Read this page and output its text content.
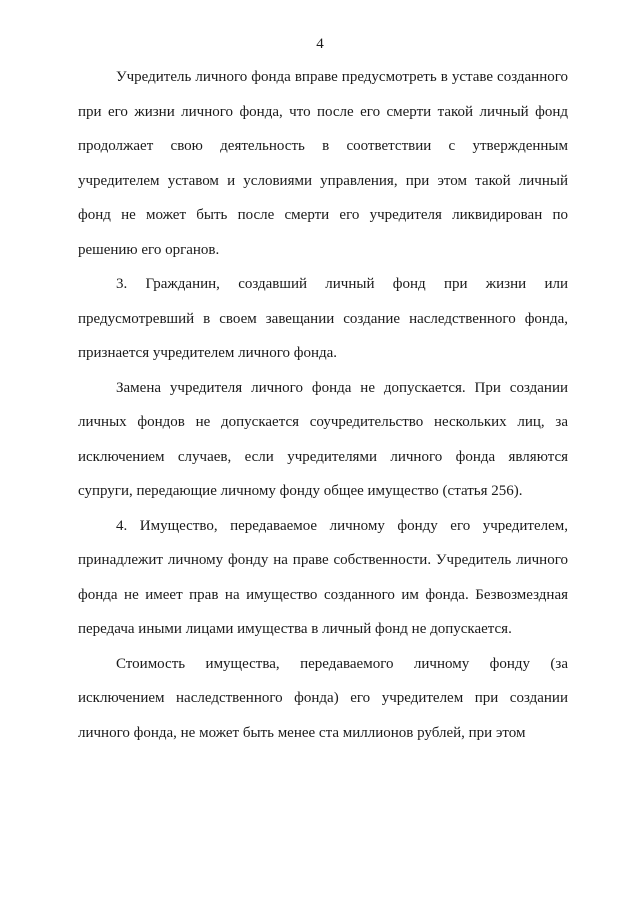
4

Учредитель личного фонда вправе предусмотреть в уставе созданного при его жизни личного фонда, что после его смерти такой личный фонд продолжает свою деятельность в соответствии с утвержденным учредителем уставом и условиями управления, при этом такой личный фонд не может быть после смерти его учредителя ликвидирован по решению его органов.

3. Гражданин, создавший личный фонд при жизни или предусмотревший в своем завещании создание наследственного фонда, признается учредителем личного фонда.

Замена учредителя личного фонда не допускается. При создании личных фондов не допускается соучредительство нескольких лиц, за исключением случаев, если учредителями личного фонда являются супруги, передающие личному фонду общее имущество (статья 256).

4. Имущество, передаваемое личному фонду его учредителем, принадлежит личному фонду на праве собственности. Учредитель личного фонда не имеет прав на имущество созданного им фонда. Безвозмездная передача иными лицами имущества в личный фонд не допускается.

Стоимость имущества, передаваемого личному фонду (за исключением наследственного фонда) его учредителем при создании личного фонда, не может быть менее ста миллионов рублей, при этом
